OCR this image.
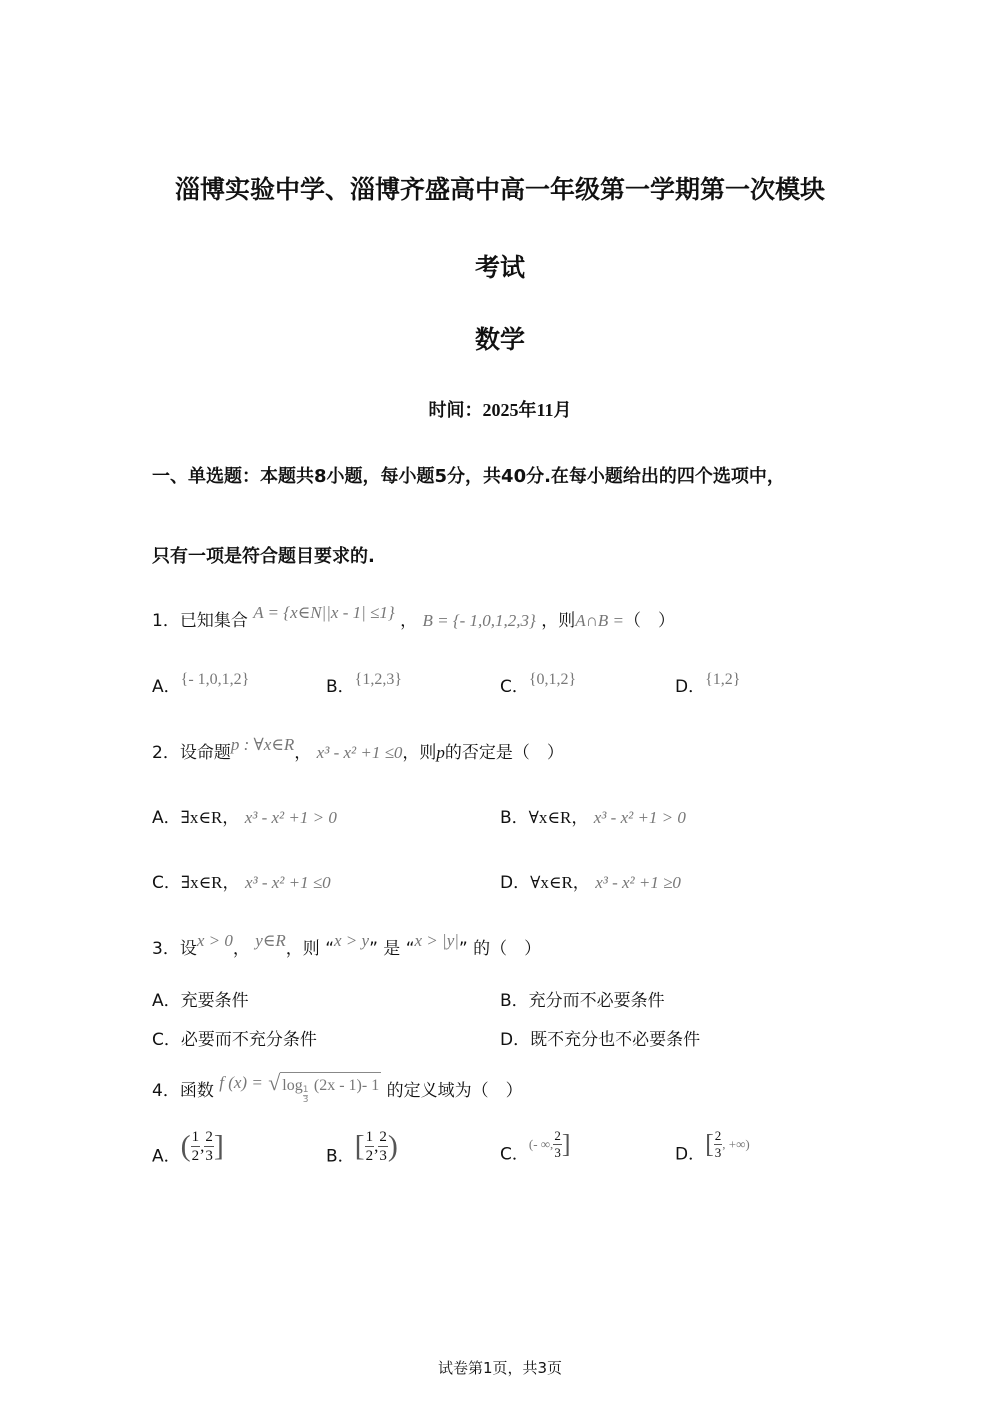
淄博实验中学、淄博齐盛高中高一年级第一学期第一次模块
考试
数学
时间：2025年11月
一、单选题：本题共8小题，每小题5分，共40分.在每小题给出的四个选项中，
只有一项是符合题目要求的.
1．已知集合 A = {x∈N||x - 1| ≤1} ， B = {- 1,0,1,2,3} ，则A∩B =（　）
A．{- 1,0,1,2}	B．{1,2,3}	C．{0,1,2}	D．{1,2}
2．设命题p : ∀x∈R， x³ - x² +1 ≤0，则p的否定是（　）
A．∃x∈R， x³ - x² +1 > 0	B．∀x∈R， x³ - x² +1 > 0
C．∃x∈R， x³ - x² +1 ≤0	D．∀x∈R， x³ - x² +1 ≥0
3．设x > 0， y∈R，则 “x > y” 是 “x > |y|” 的（　）
A．充要条件	B．充分而不必要条件
C．必要而不充分条件	D．既不充分也不必要条件
4．函数 f (x) = √ log
$\frac{1}{3}$
(2x - 1)- 1 的定义域为（　）
A．( $\frac{1}{2}$ , $\frac{2}{3}$ ]	B．[ $\frac{1}{2}$ , $\frac{2}{3}$ )	C．(- ∞, $\frac{2}{3}$ ]	D．[ $\frac{2}{3}$ , +∞)
试卷第1页，共3页
